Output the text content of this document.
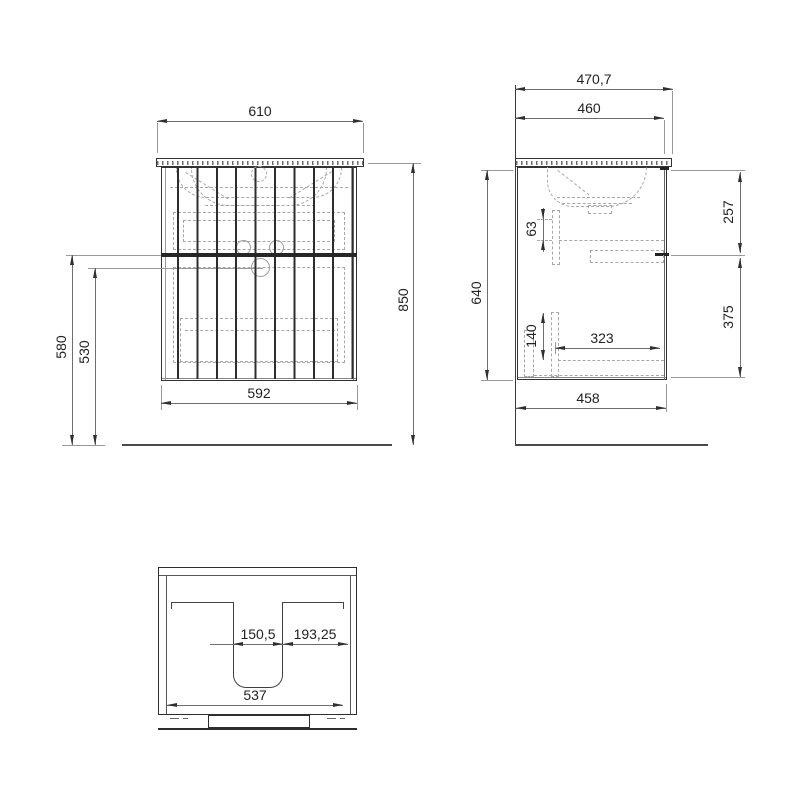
610
850
592
580 530
470,7
460
640
63
140	323
257
375
458
150,5	193,25
537
